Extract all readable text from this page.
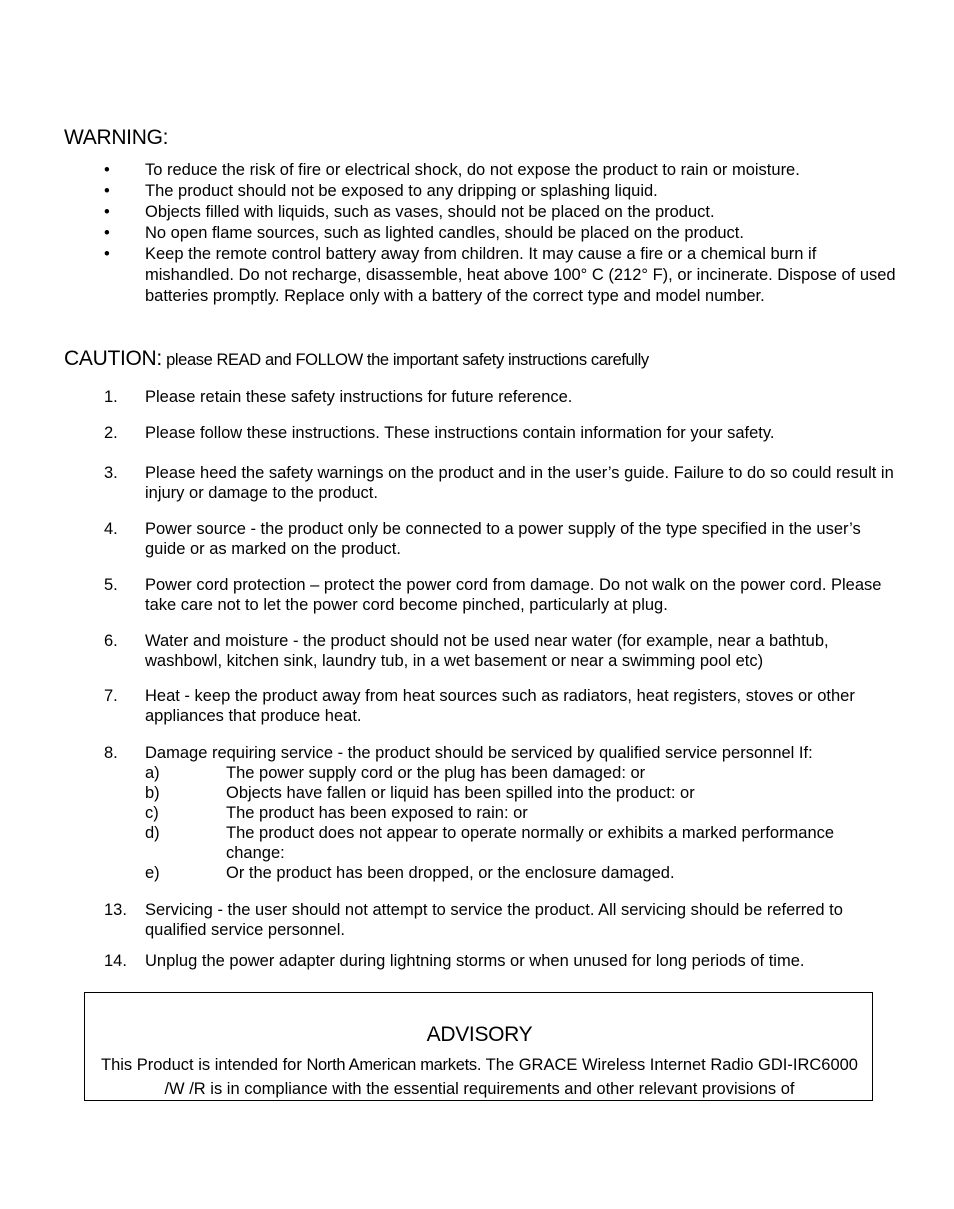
WARNING:
• To reduce the risk of fire or electrical shock, do not expose the product to rain or moisture.
• The product should not be exposed to any dripping or splashing liquid.
• Objects filled with liquids, such as vases, should not be placed on the product.
• No open flame sources, such as lighted candles, should be placed on the product.
• Keep the remote control battery away from children. It may cause a fire or a chemical burn if mishandled. Do not recharge, disassemble, heat above 100° C (212° F), or incinerate. Dispose of used batteries promptly. Replace only with a battery of the correct type and model number.
CAUTION: please READ and FOLLOW the important safety instructions carefully
1. Please retain these safety instructions for future reference.
2. Please follow these instructions. These instructions contain information for your safety.
3. Please heed the safety warnings on the product and in the user’s guide. Failure to do so could result in injury or damage to the product.
4. Power source - the product only be connected to a power supply of the type specified in the user’s guide or as marked on the product.
5. Power cord protection – protect the power cord from damage. Do not walk on the power cord. Please take care not to let the power cord become pinched, particularly at plug.
6. Water and moisture - the product should not be used near water (for example, near a bathtub, washbowl, kitchen sink, laundry tub, in a wet basement or near a swimming pool etc)
7. Heat - keep the product away from heat sources such as radiators, heat registers, stoves or other appliances that produce heat.
8. Damage requiring service - the product should be serviced by qualified service personnel If:
a)	The power supply cord or the plug has been damaged: or
b)	Objects have fallen or liquid has been spilled into the product: or
c)	The product has been exposed to rain: or
d)	The product does not appear to operate normally or exhibits a marked performance change:
e)	Or the product has been dropped, or the enclosure damaged.
13. Servicing - the user should not attempt to service the product. All servicing should be referred to qualified service personnel.
14. Unplug the power adapter during lightning storms or when unused for long periods of time.
ADVISORY
This Product is intended for North American markets. The GRACE Wireless Internet Radio GDI-IRC6000 /W /R is in compliance with the essential requirements and other relevant provisions of
